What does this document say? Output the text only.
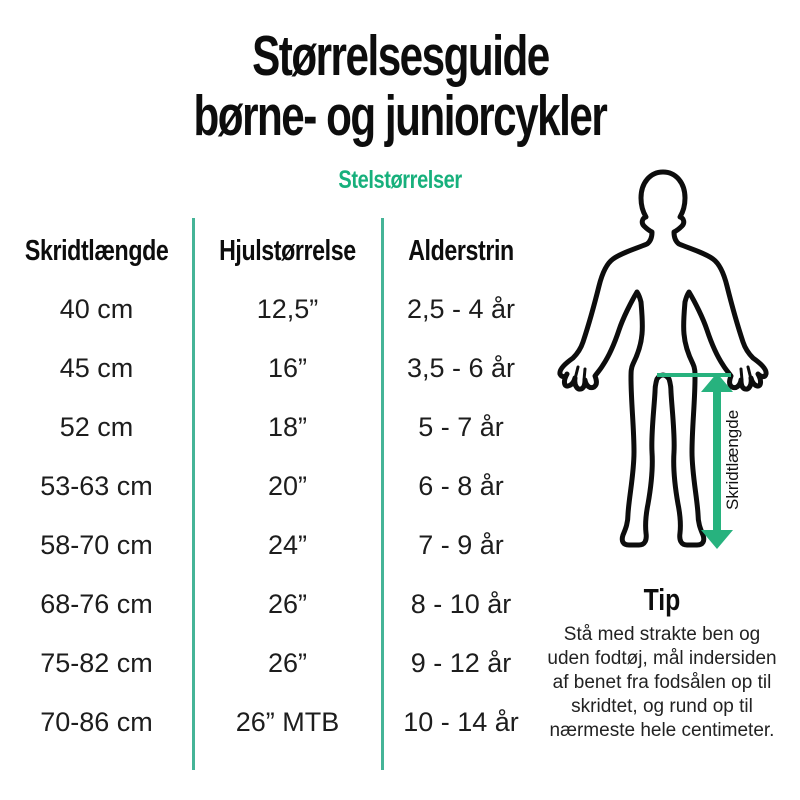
Størrelsesguide
børne- og juniorcykler
Stelstørrelser
Skridtlængde Hjulstørrelse Alderstrin
40 cm	12,5”	2,5 - 4 år
45 cm	16”	3,5 - 6 år
52 cm	18”	5 - 7 år
53-63 cm	20”	6 - 8 år
58-70 cm	24”	7 - 9 år
68-76 cm	26”	8 - 10 år
75-82 cm	26”	9 - 12 år
70-86 cm	26” MTB	10 - 14 år
Skridtlængde
Tip
Stå med strakte ben og uden fodtøj, mål indersiden af benet fra fodsålen op til skridtet, og rund op til nærmeste hele centimeter.
